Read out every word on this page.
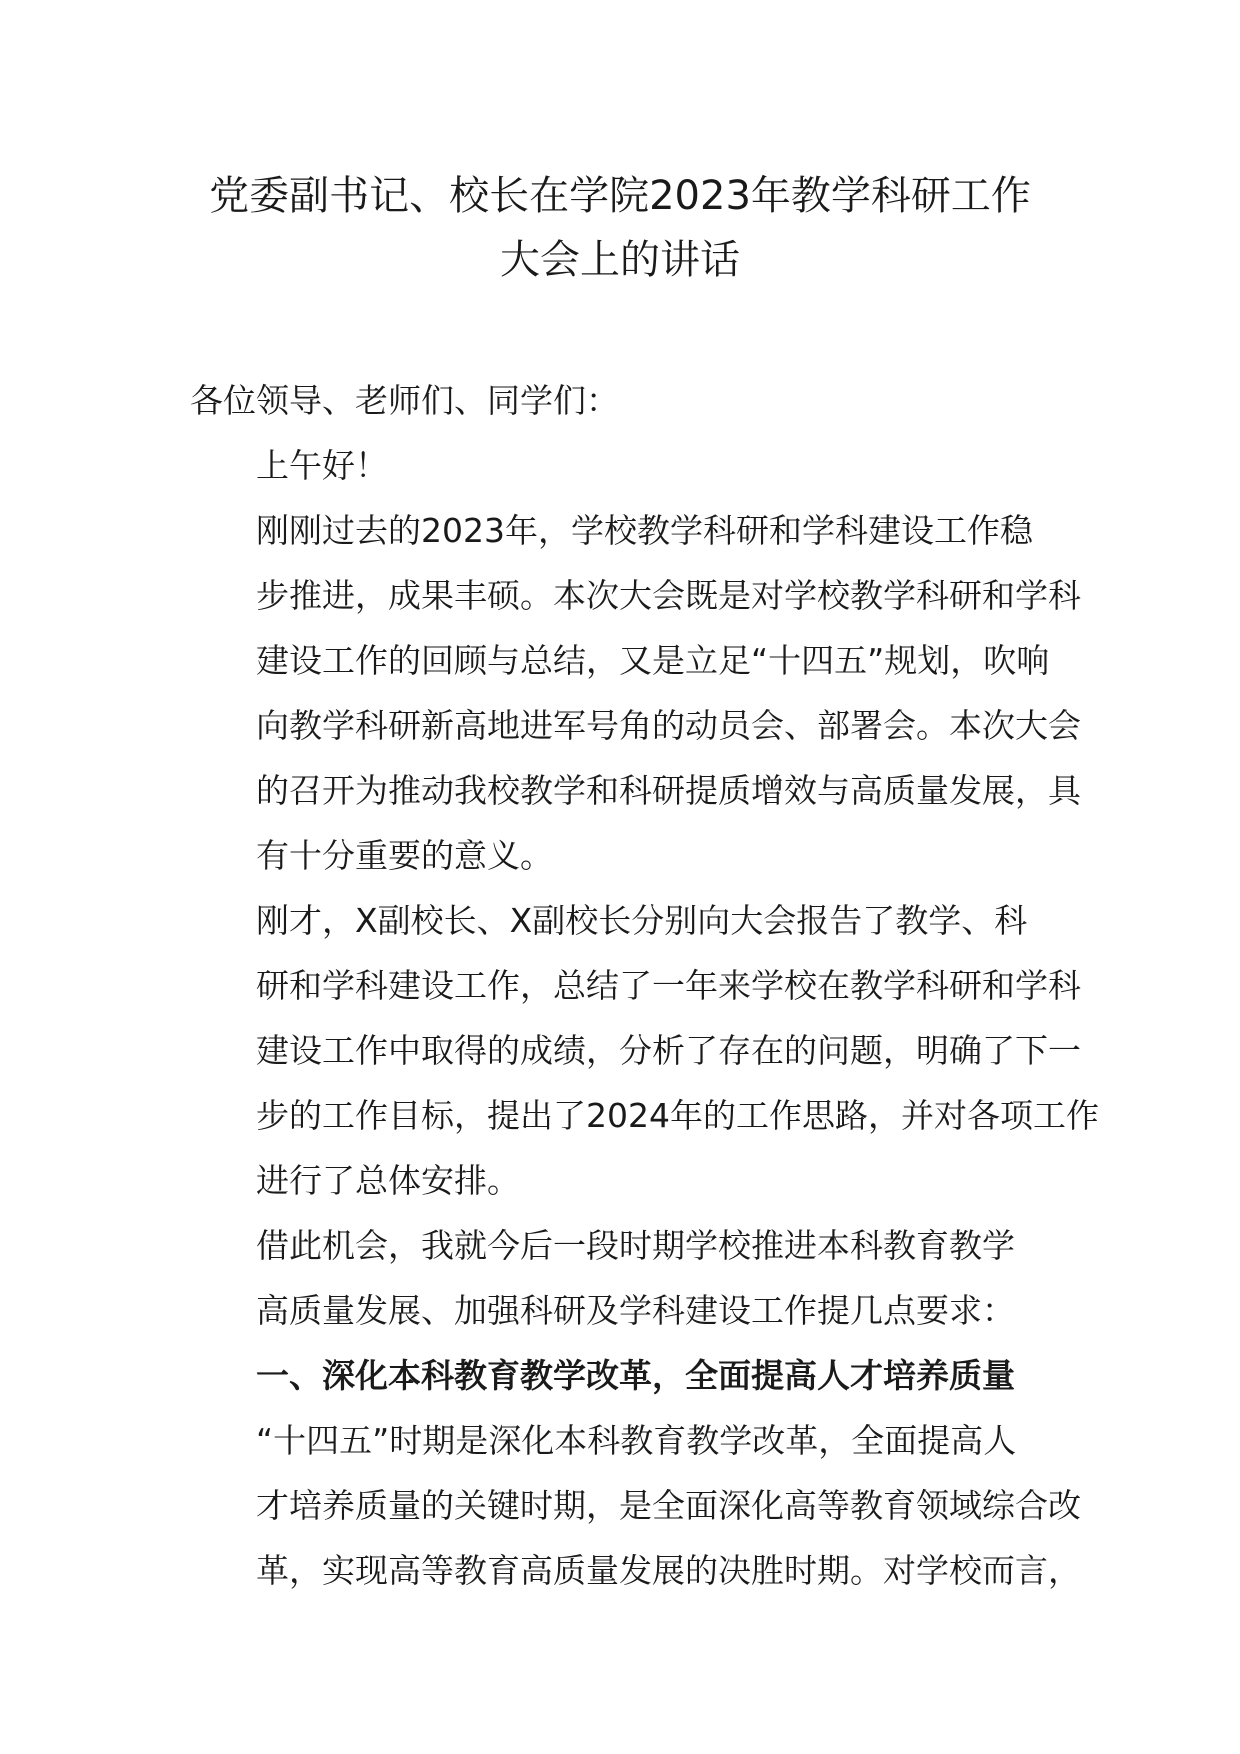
党委副书记、校长在学院2023年教学科研工作
大会上的讲话

各位领导、老师们、同学们：

上午好！

刚刚过去的2023年，学校教学科研和学科建设工作稳
步推进，成果丰硕。本次大会既是对学校教学科研和学科
建设工作的回顾与总结，又是立足“十四五”规划，吹响
向教学科研新高地进军号角的动员会、部署会。本次大会
的召开为推动我校教学和科研提质增效与高质量发展，具
有十分重要的意义。

刚才，X副校长、X副校长分别向大会报告了教学、科
研和学科建设工作，总结了一年来学校在教学科研和学科
建设工作中取得的成绩，分析了存在的问题，明确了下一
步的工作目标，提出了2024年的工作思路，并对各项工作
进行了总体安排。

借此机会，我就今后一段时期学校推进本科教育教学
高质量发展、加强科研及学科建设工作提几点要求：

一、深化本科教育教学改革，全面提高人才培养质量

“十四五”时期是深化本科教育教学改革，全面提高人
才培养质量的关键时期，是全面深化高等教育领域综合改
革，实现高等教育高质量发展的决胜时期。对学校而言，
